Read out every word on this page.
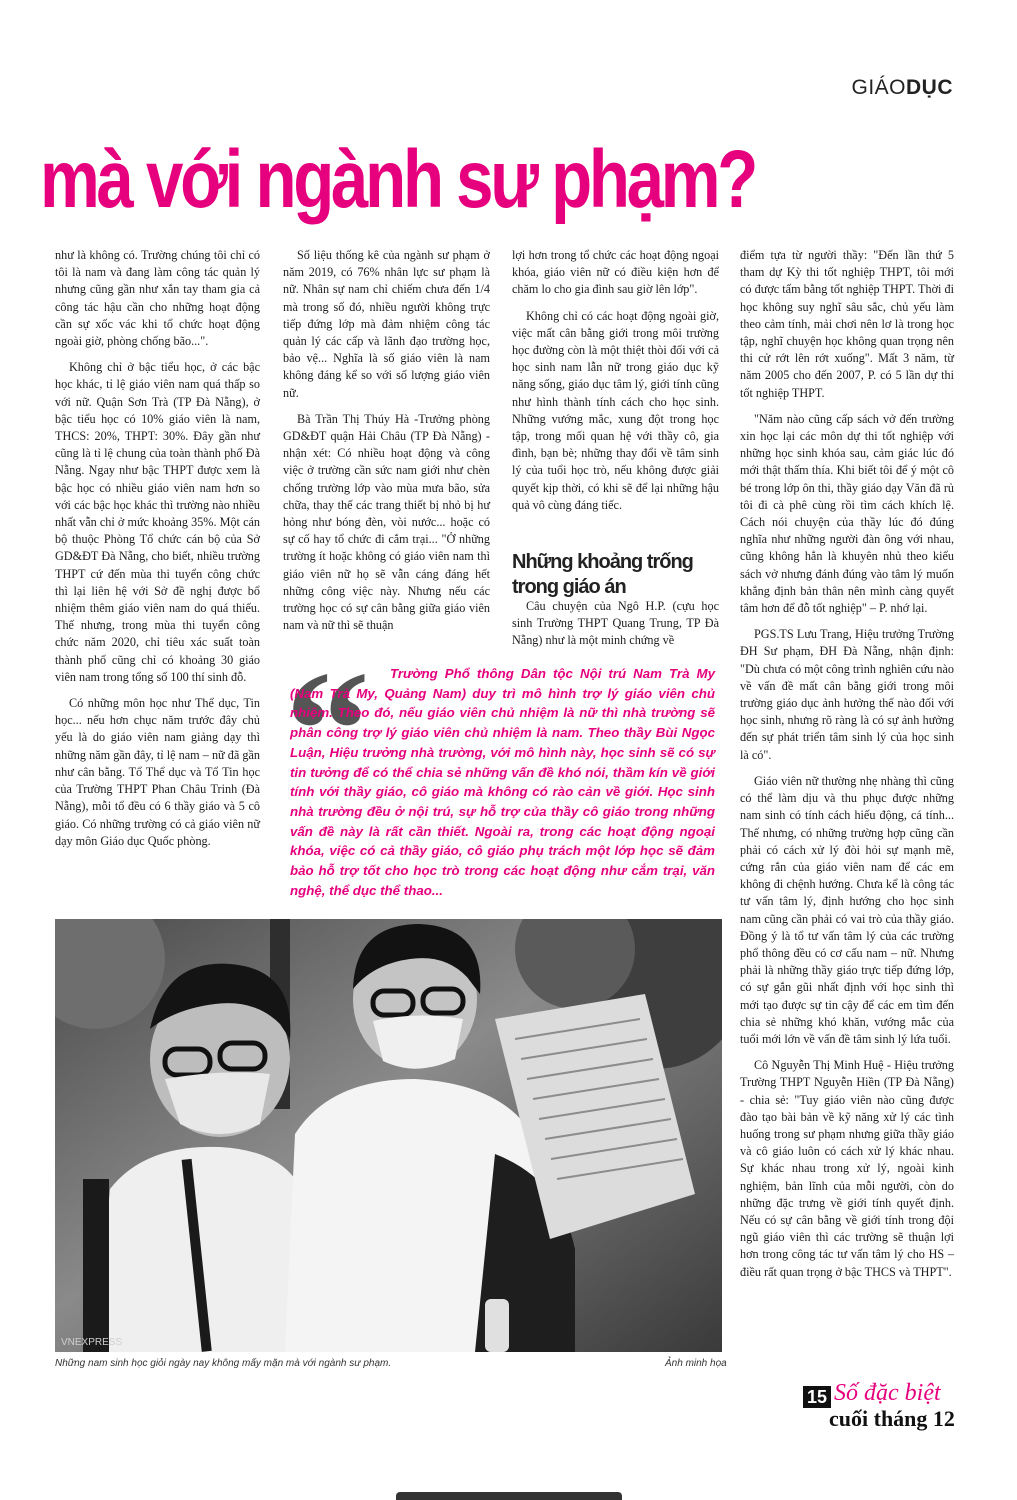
GIÁODỤC
mà với ngành sư phạm?

như là không có. Trường chúng tôi chỉ có tôi là nam và đang làm công tác quản lý nhưng cũng gần như xắn tay tham gia cả công tác hậu cần cho những hoạt động cần sự xốc vác khi tổ chức hoạt động ngoài giờ, phòng chống bão...".

Không chỉ ở bậc tiểu học, ở các bậc học khác, tỉ lệ giáo viên nam quá thấp so với nữ. Quận Sơn Trà (TP Đà Nẵng), ở bậc tiểu học có 10% giáo viên là nam, THCS: 20%, THPT: 30%. Đây gần như cũng là tỉ lệ chung của toàn thành phố Đà Nẵng. Ngay như bậc THPT được xem là bậc học có nhiều giáo viên nam hơn so với các bậc học khác thì trường nào nhiều nhất vẫn chỉ ở mức khoảng 35%. Một cán bộ thuộc Phòng Tổ chức cán bộ của Sở GD&ĐT Đà Nẵng, cho biết, nhiều trường THPT cứ đến mùa thi tuyển công chức thì lại liên hệ với Sở đề nghị được bổ nhiệm thêm giáo viên nam do quá thiếu. Thế nhưng, trong mùa thi tuyển công chức năm 2020, chỉ tiêu xác suất toàn thành phố cũng chỉ có khoảng 30 giáo viên nam trong tổng số 100 thí sinh đỗ.

Có những môn học như Thể dục, Tin học... nếu hơn chục năm trước đây chủ yếu là do giáo viên nam giảng dạy thì những năm gần đây, tỉ lệ nam – nữ đã gần như cân bằng. Tổ Thể dục và Tổ Tin học của Trường THPT Phan Châu Trinh (Đà Nẵng), mỗi tổ đều có 6 thầy giáo và 5 cô giáo. Có những trường có cả giáo viên nữ dạy môn Giáo dục Quốc phòng.

Số liệu thống kê của ngành sư phạm ở năm 2019, có 76% nhân lực sư phạm là nữ. Nhân sự nam chỉ chiếm chưa đến 1/4 mà trong số đó, nhiều người không trực tiếp đứng lớp mà đảm nhiệm công tác quản lý các cấp và lãnh đạo trường học, bảo vệ... Nghĩa là số giáo viên là nam không đáng kể so với số lượng giáo viên nữ.

Bà Trần Thị Thúy Hà -Trưởng phòng GD&ĐT quận Hải Châu (TP Đà Nẵng) - nhận xét: Có nhiều hoạt động và công việc ở trường cần sức nam giới như chèn chống trường lớp vào mùa mưa bão, sửa chữa, thay thế các trang thiết bị nhỏ bị hư hỏng như bóng đèn, vòi nước... hoặc có sự cố hay tổ chức đi cắm trại... "Ở những trường ít hoặc không có giáo viên nam thì giáo viên nữ họ sẽ vẫn cáng đáng hết những công việc này. Nhưng nếu các trường học có sự cân bằng giữa giáo viên nam và nữ thì sẽ thuận

lợi hơn trong tổ chức các hoạt động ngoại khóa, giáo viên nữ có điều kiện hơn để chăm lo cho gia đình sau giờ lên lớp".

Không chỉ có các hoạt động ngoài giờ, việc mất cân bằng giới trong môi trường học đường còn là một thiệt thòi đối với cả học sinh nam lẫn nữ trong giáo dục kỹ năng sống, giáo dục tâm lý, giới tính cũng như hình thành tính cách cho học sinh. Những vướng mắc, xung đột trong học tập, trong mối quan hệ với thầy cô, gia đình, bạn bè; những thay đổi về tâm sinh lý của tuổi học trò, nếu không được giải quyết kịp thời, có khi sẽ để lại những hậu quả vô cùng đáng tiếc.

Những khoảng trống trong giáo án

Câu chuyện của Ngô H.P. (cựu học sinh Trường THPT Quang Trung, TP Đà Nẵng) như là một minh chứng về

điểm tựa từ người thầy: "Đến lần thứ 5 tham dự Kỳ thi tốt nghiệp THPT, tôi mới có được tấm bằng tốt nghiệp THPT. Thời đi học không suy nghĩ sâu sắc, chủ yếu làm theo cảm tính, mải chơi nên lơ là trong học tập, nghĩ chuyện học không quan trọng nên thi cử rớt lên rớt xuống". Mất 3 năm, từ năm 2005 cho đến 2007, P. có 5 lần dự thi tốt nghiệp THPT.

"Năm nào cũng cấp sách vở đến trường xin học lại các môn dự thi tốt nghiệp với những học sinh khóa sau, cảm giác lúc đó mới thật thấm thía. Khi biết tôi để ý một cô bé trong lớp ôn thi, thầy giáo dạy Văn đã rủ tôi đi cà phê cùng rồi tìm cách khích lệ. Cách nói chuyện của thầy lúc đó đúng nghĩa như những người đàn ông với nhau, cũng không hẳn là khuyên nhủ theo kiểu sách vở nhưng đánh đúng vào tâm lý muốn khẳng định bản thân nên mình càng quyết tâm hơn để đỗ tốt nghiệp" – P. nhớ lại.

PGS.TS Lưu Trang, Hiệu trưởng Trường ĐH Sư phạm, ĐH Đà Nẵng, nhận định: "Dù chưa có một công trình nghiên cứu nào về vấn đề mất cân bằng giới trong môi trường giáo dục ảnh hưởng thế nào đối với học sinh, nhưng rõ ràng là có sự ảnh hưởng đến sự phát triển tâm sinh lý của học sinh là có".

Giáo viên nữ thường nhẹ nhàng thì cũng có thể làm dịu và thu phục được những nam sinh có tính cách hiếu động, cá tính... Thế nhưng, có những trường hợp cũng cần phải có cách xử lý đòi hỏi sự mạnh mẽ, cứng rắn của giáo viên nam để các em không đi chệnh hướng. Chưa kể là công tác tư vấn tâm lý, định hướng cho học sinh nam cũng cần phải có vai trò của thầy giáo. Đồng ý là tổ tư vấn tâm lý của các trường phổ thông đều có cơ cấu nam – nữ. Nhưng phải là những thầy giáo trực tiếp đứng lớp, có sự gắn gũi nhất định với học sinh thì mới tạo được sự tin cậy để các em tìm đến chia sẻ những khó khăn, vướng mắc của tuổi mới lớn về vấn đề tâm sinh lý lứa tuổi.

Cô Nguyễn Thị Minh Huệ - Hiệu trưởng Trường THPT Nguyễn Hiền (TP Đà Nẵng) - chia sẻ: "Tuy giáo viên nào cũng được đào tạo bài bản về kỹ năng xử lý các tình huống trong sư phạm nhưng giữa thầy giáo và cô giáo luôn có cách xử lý khác nhau. Sự khác nhau trong xử lý, ngoài kinh nghiệm, bản lĩnh của mỗi người, còn do những đặc trưng về giới tính quyết định. Nếu có sự cân bằng về giới tính trong đội ngũ giáo viên thì các trường sẽ thuận lợi hơn trong công tác tư vấn tâm lý cho HS – điều rất quan trọng ở bậc THCS và THPT".

“	Trường Phổ thông Dân tộc Nội trú Nam Trà My (Nam Trà My, Quảng Nam) duy trì mô hình trợ lý giáo viên chủ nhiệm. Theo đó, nếu giáo viên chủ nhiệm là nữ thì nhà trường sẽ phân công trợ lý giáo viên chủ nhiệm là nam. Theo thầy Bùi Ngọc Luận, Hiệu trưởng nhà trường, với mô hình này, học sinh sẽ có sự tin tưởng để có thể chia sẻ những vấn đề khó nói, thầm kín về giới tính với thầy giáo, cô giáo mà không có rào cản về giới. Học sinh nhà trường đều ở nội trú, sự hỗ trợ của thầy cô giáo trong những vấn đề này là rất cần thiết. Ngoài ra, trong các hoạt động ngoại khóa, việc có cả thầy giáo, cô giáo phụ trách một lớp học sẽ đảm bảo hỗ trợ tốt cho học trò trong các hoạt động như cắm trại, văn nghệ, thể dục thể thao...

VNEXPRESS
Những nam sinh học giỏi ngày nay không mấy mặn mà với ngành sư phạm.	Ảnh minh họa
15 Số đặc biệt
cuối tháng 12
